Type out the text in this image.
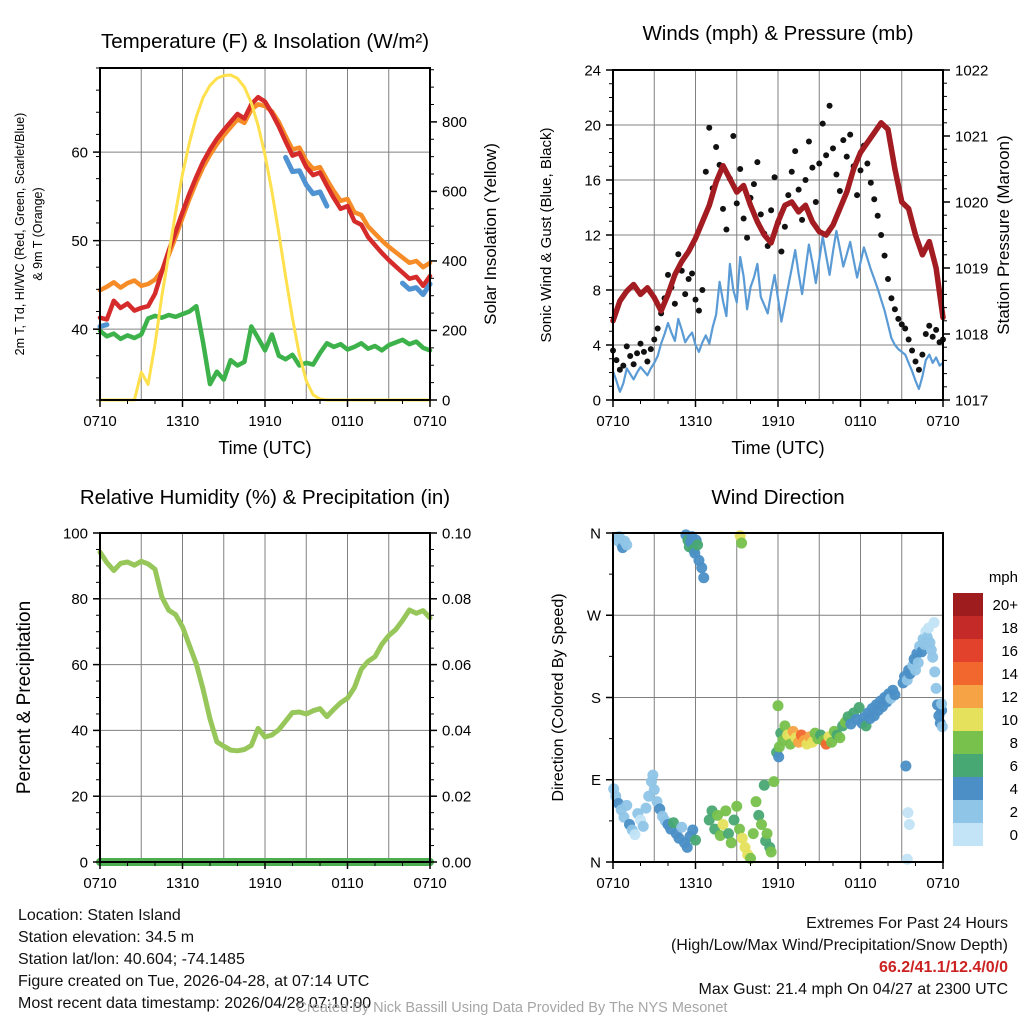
0710	1310	1910	0110	0710
Time (UTC)
40
50
60
0
200
400
600
800
Solar Insolation (Yellow)
2m T, Td, HI/WC (Red, Green, Scarlet/Blue) & 9m T (Orange)
Temperature (F) & Insolation (W/m²)
0710	1310	1910	0110	0710
Time (UTC)
0
4
8
12
16
20
24
1017
1018
1019
1020
1021
1022
Station Pressure (Maroon)
Sonic Wind & Gust (Blue, Black)
Winds (mph) & Pressure (mb)
0710	1310	1910	0110	0710
0
20
40
60
80
100
0.00
0.02
0.04
0.06
0.08
0.10
Percent & Precipitation
Relative Humidity (%) & Precipitation (in)
0710	1310	1910	0110	0710
N
E
S
W
N
Direction (Colored By Speed)
Wind Direction
mph
20+
18
16
14
12
10
8
6
4
2
0
Location: Staten Island
Station elevation: 34.5 m
Station lat/lon: 40.604; -74.1485
Figure created on Tue, 2026-04-28, at 07:14 UTC
Most recent data timestamp: 2026/04/28 07:10:00
Extremes For Past 24 Hours
(High/Low/Max Wind/Precipitation/Snow Depth)
66.2/41.1/12.4/0/0
Max Gust: 21.4 mph On 04/27 at 2300 UTC
Created By Nick Bassill Using Data Provided By The NYS Mesonet
